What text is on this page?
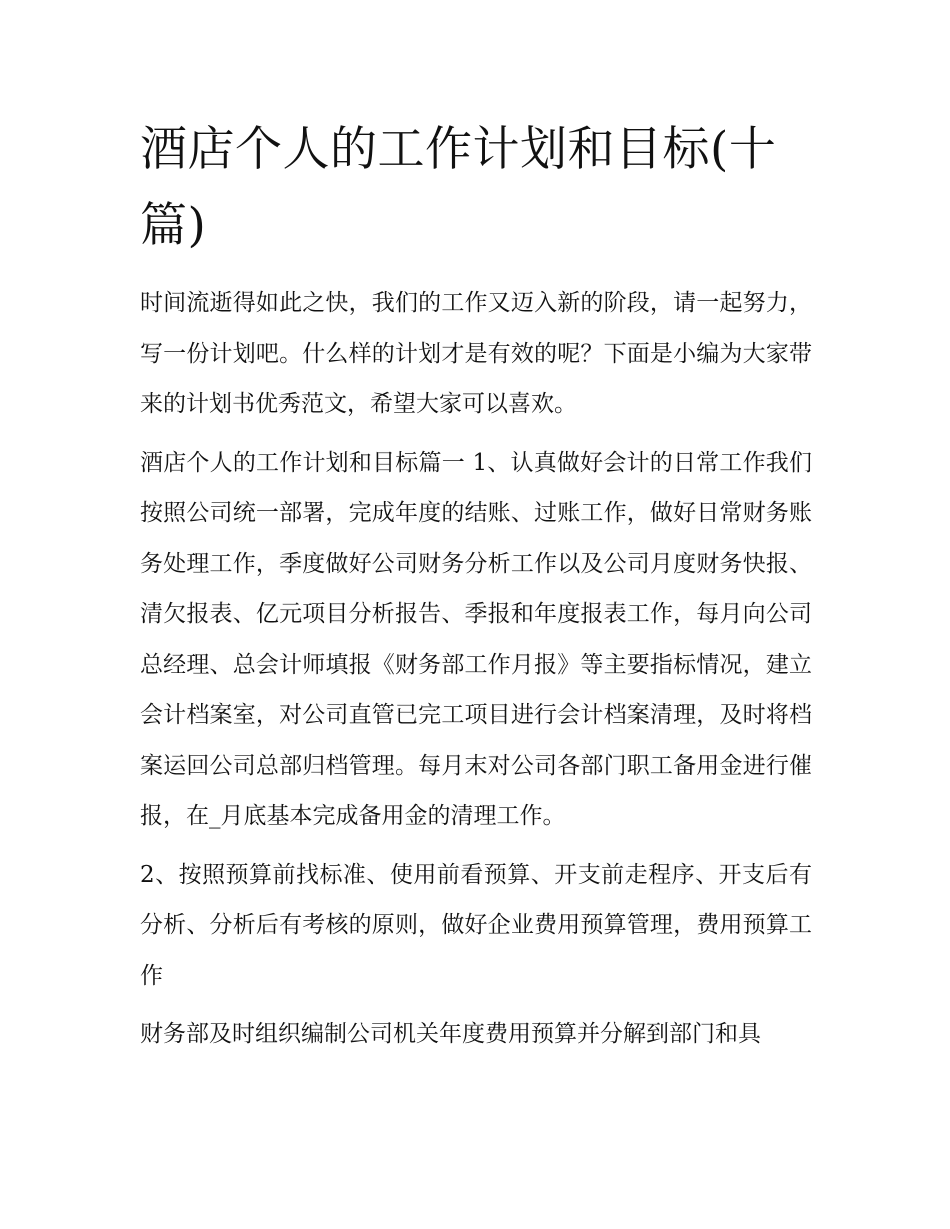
酒店个人的工作计划和目标(十篇)

时间流逝得如此之快，我们的工作又迈入新的阶段，请一起努力，写一份计划吧。什么样的计划才是有效的呢？下面是小编为大家带来的计划书优秀范文，希望大家可以喜欢。

酒店个人的工作计划和目标篇一 1、认真做好会计的日常工作我们按照公司统一部署，完成年度的结账、过账工作，做好日常财务账务处理工作，季度做好公司财务分析工作以及公司月度财务快报、清欠报表、亿元项目分析报告、季报和年度报表工作，每月向公司总经理、总会计师填报《财务部工作月报》等主要指标情况，建立会计档案室，对公司直管已完工项目进行会计档案清理，及时将档案运回公司总部归档管理。每月末对公司各部门职工备用金进行催报，在_月底基本完成备用金的清理工作。

2、按照预算前找标准、使用前看预算、开支前走程序、开支后有分析、分析后有考核的原则，做好企业费用预算管理，费用预算工作

财务部及时组织编制公司机关年度费用预算并分解到部门和具
